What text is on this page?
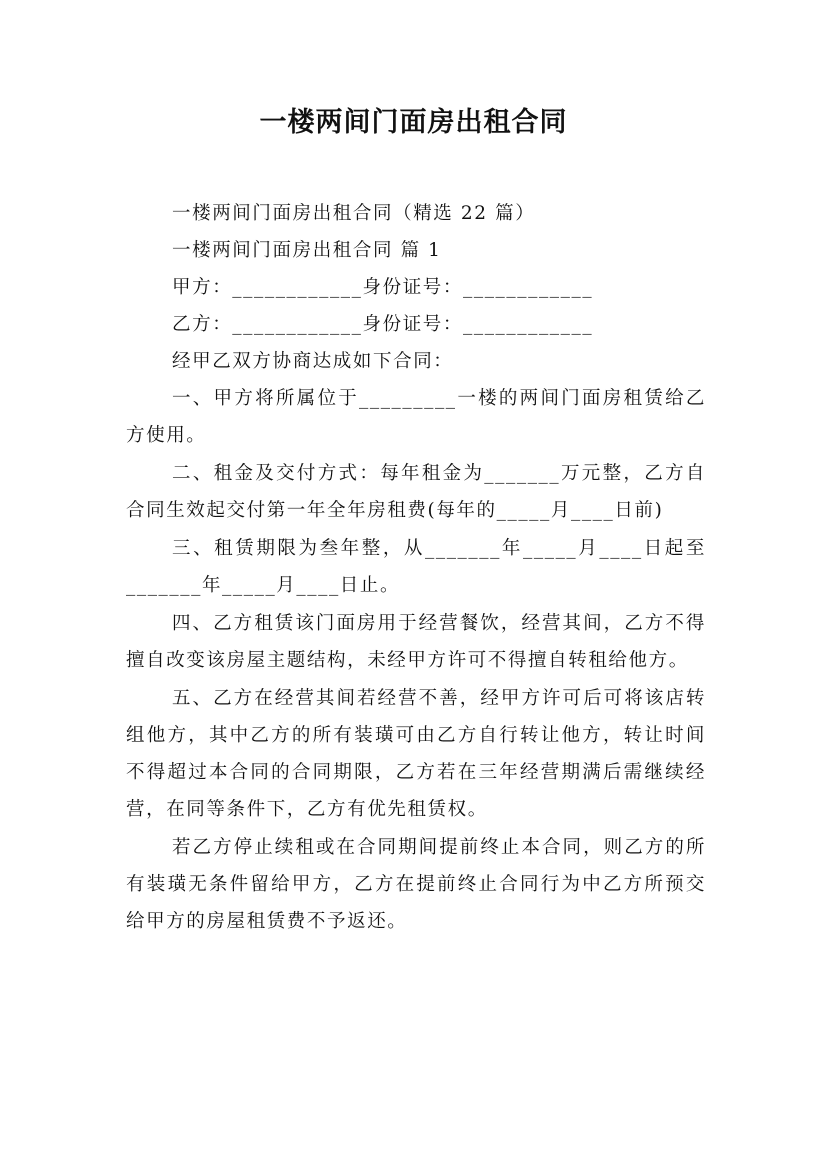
一楼两间门面房出租合同
一楼两间门面房出租合同（精选 22 篇）
一楼两间门面房出租合同 篇 1
甲方：____________身份证号：____________
乙方：____________身份证号：____________
经甲乙双方协商达成如下合同：

一、甲方将所属位于_________一楼的两间门面房租赁给乙方使用。

二、租金及交付方式：每年租金为_______万元整，乙方自合同生效起交付第一年全年房租费(每年的_____月____日前)

三、租赁期限为叁年整，从_______年_____月____日起至_______年_____月____日止。

四、乙方租赁该门面房用于经营餐饮，经营其间，乙方不得擅自改变该房屋主题结构，未经甲方许可不得擅自转租给他方。

五、乙方在经营其间若经营不善，经甲方许可后可将该店转组他方，其中乙方的所有装璜可由乙方自行转让他方，转让时间不得超过本合同的合同期限，乙方若在三年经营期满后需继续经营，在同等条件下，乙方有优先租赁权。

若乙方停止续租或在合同期间提前终止本合同，则乙方的所有装璜无条件留给甲方，乙方在提前终止合同行为中乙方所预交给甲方的房屋租赁费不予返还。
